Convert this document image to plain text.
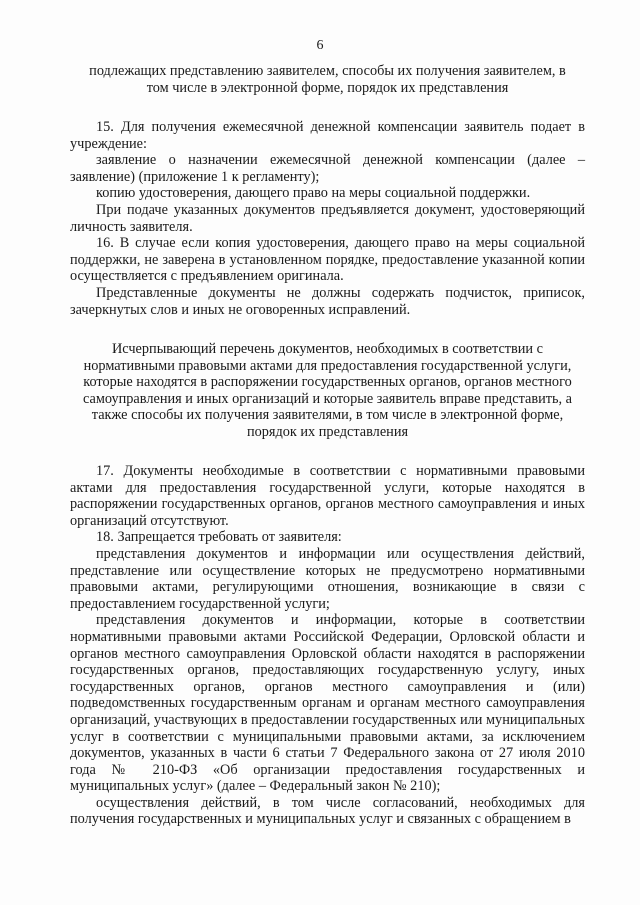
6
подлежащих представлению заявителем, способы их получения заявителем, в
том числе в электронной форме, порядок их представления

15. Для получения ежемесячной денежной компенсации заявитель подает в учреждение:

заявление о назначении ежемесячной денежной компенсации (далее – заявление) (приложение 1 к регламенту);

копию удостоверения, дающего право на меры социальной поддержки.

При подаче указанных документов предъявляется документ, удостоверяющий личность заявителя.

16. В случае если копия удостоверения, дающего право на меры социальной поддержки, не заверена в установленном порядке, предоставление указанной копии осуществляется с предъявлением оригинала.

Представленные документы не должны содержать подчисток, приписок, зачеркнутых слов и иных не оговоренных исправлений.

Исчерпывающий перечень документов, необходимых в соответствии с
нормативными правовыми актами для предоставления государственной услуги,
которые находятся в распоряжении государственных органов, органов местного
самоуправления и иных организаций и которые заявитель вправе представить, а
также способы их получения заявителями, в том числе в электронной форме,
порядок их представления

17. Документы необходимые в соответствии с нормативными правовыми актами для предоставления государственной услуги, которые находятся в распоряжении государственных органов, органов местного самоуправления и иных организаций отсутствуют.

18. Запрещается требовать от заявителя:

представления документов и информации или осуществления действий, представление или осуществление которых не предусмотрено нормативными правовыми актами, регулирующими отношения, возникающие в связи с предоставлением государственной услуги;

представления документов и информации, которые в соответствии нормативными правовыми актами Российской Федерации, Орловской области и органов местного самоуправления Орловской области находятся в распоряжении государственных органов, предоставляющих государственную услугу, иных государственных органов, органов местного самоуправления и (или) подведомственных государственным органам и органам местного самоуправления организаций, участвующих в предоставлении государственных или муниципальных услуг в соответствии с муниципальными правовыми актами, за исключением документов, указанных в части 6 статьи 7 Федерального закона от 27 июля 2010 года № 210-ФЗ «Об организации предоставления государственных и муниципальных услуг» (далее – Федеральный закон № 210);

осуществления действий, в том числе согласований, необходимых для получения государственных и муниципальных услуг и связанных с обращением в
